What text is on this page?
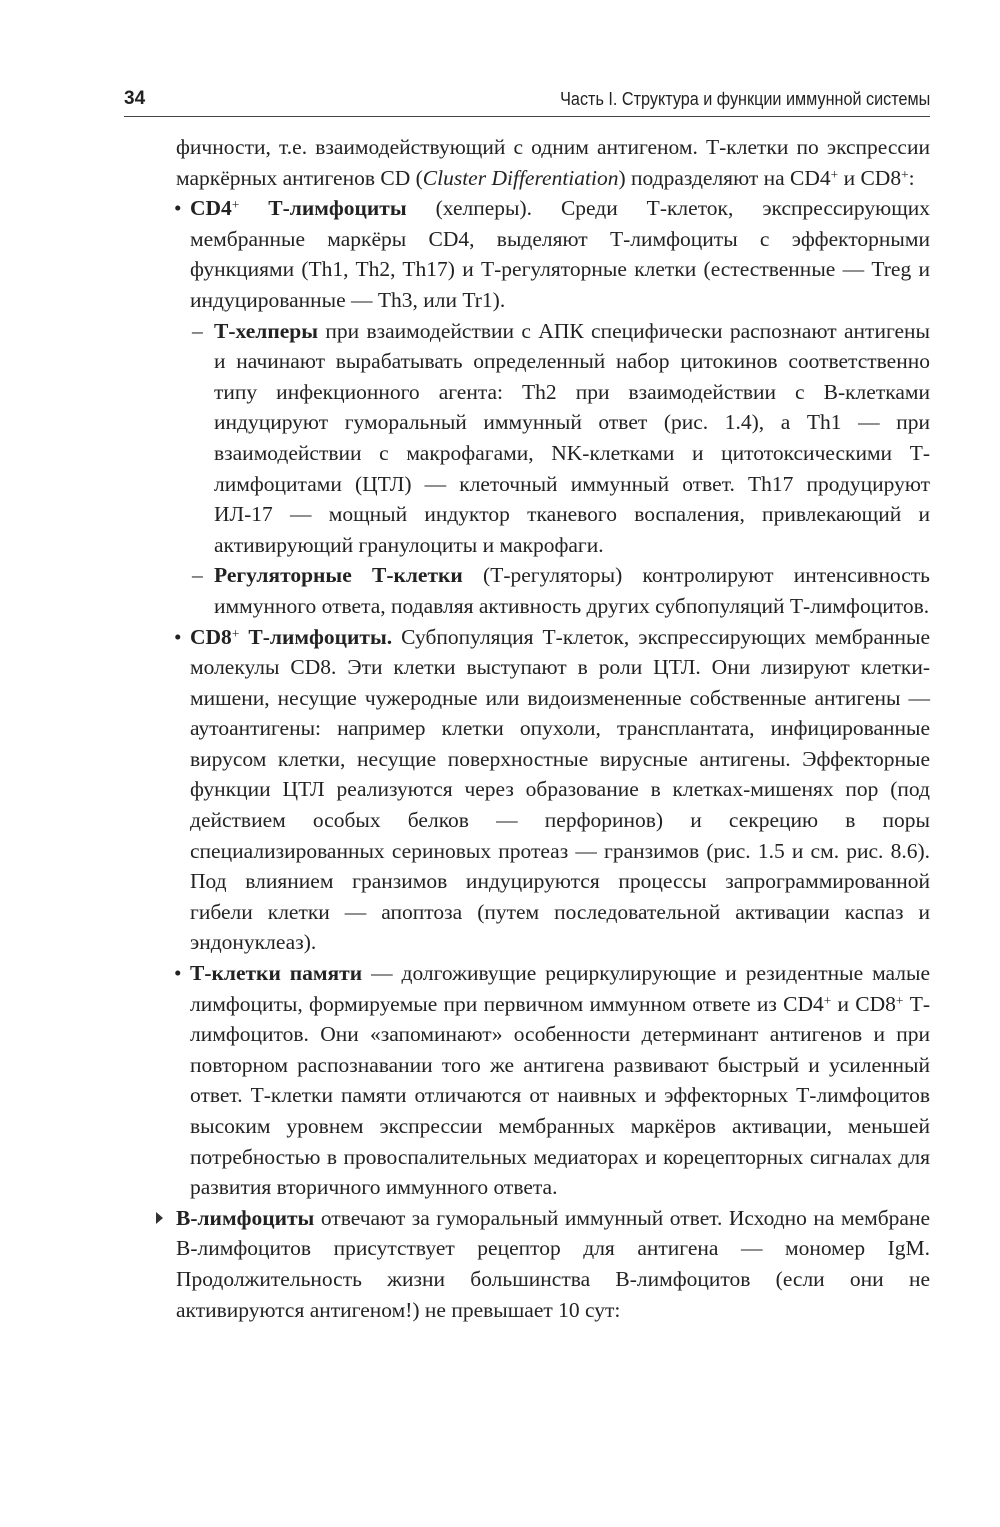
34	Часть I. Структура и функции иммунной системы

фичности, т.е. взаимодействующий с одним антигеном. Т-клетки по экспрессии маркёрных антигенов CD (Cluster Differentiation) подразделяют на CD4+ и CD8+:

• CD4+ Т-лимфоциты (хелперы). Среди Т-клеток, экспрессирующих мембранные маркёры CD4, выделяют Т-лимфоциты с эффекторными функциями (Th1, Th2, Th17) и Т-регуляторные клетки (естественные — Treg и индуцированные — Th3, или Tr1).

– Т-хелперы при взаимодействии с АПК специфически распознают антигены и начинают вырабатывать определенный набор цитокинов соответственно типу инфекционного агента: Th2 при взаимодействии с В-клетками индуцируют гуморальный иммунный ответ (рис. 1.4), а Th1 — при взаимодействии с макрофагами, NK-клетками и цитотоксическими Т-лимфоцитами (ЦТЛ) — клеточный иммунный ответ. Th17 продуцируют ИЛ-17 — мощный индуктор тканевого воспаления, привлекающий и активирующий гранулоциты и макрофаги.

– Регуляторные Т-клетки (Т-регуляторы) контролируют интенсивность иммунного ответа, подавляя активность других субпопуляций Т-лимфоцитов.

• CD8+ Т-лимфоциты. Субпопуляция Т-клеток, экспрессирующих мембранные молекулы CD8. Эти клетки выступают в роли ЦТЛ. Они лизируют клетки-мишени, несущие чужеродные или видоизмененные собственные антигены — аутоантигены: например клетки опухоли, трансплантата, инфицированные вирусом клетки, несущие поверхностные вирусные антигены. Эффекторные функции ЦТЛ реализуются через образование в клетках-мишенях пор (под действием особых белков — перфоринов) и секрецию в поры специализированных сериновых протеаз — гранзимов (рис. 1.5 и см. рис. 8.6). Под влиянием гранзимов индуцируются процессы запрограммированной гибели клетки — апоптоза (путем последовательной активации каспаз и эндонуклеаз).

• Т-клетки памяти — долгоживущие рециркулирующие и резидентные малые лимфоциты, формируемые при первичном иммунном ответе из CD4+ и CD8+ Т-лимфоцитов. Они «запоминают» особенности детерминант антигенов и при повторном распознавании того же антигена развивают быстрый и усиленный ответ. Т-клетки памяти отличаются от наивных и эффекторных Т-лимфоцитов высоким уровнем экспрессии мембранных маркёров активации, меньшей потребностью в провоспалительных медиаторах и корецепторных сигналах для развития вторичного иммунного ответа.

В-лимфоциты отвечают за гуморальный иммунный ответ. Исходно на мембране В-лимфоцитов присутствует рецептор для антигена — мономер IgM. Продолжительность жизни большинства В-лимфоцитов (если они не активируются антигеном!) не превышает 10 сут:
